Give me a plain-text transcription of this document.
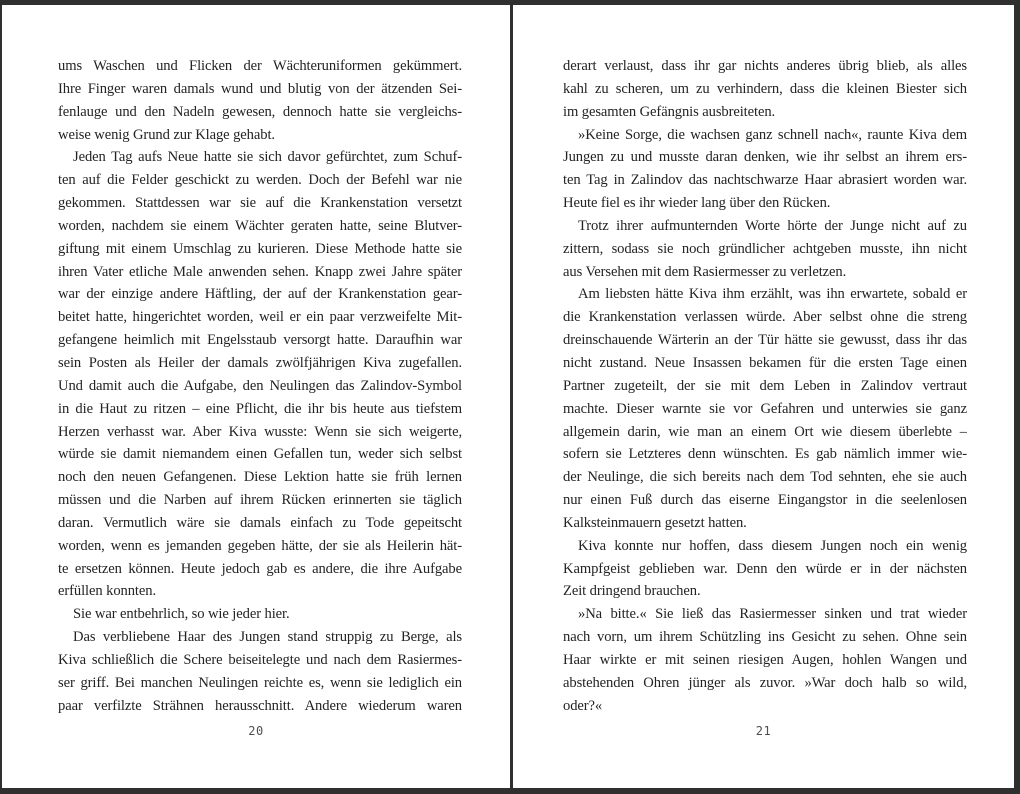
ums Waschen und Flicken der Wächteruniformen gekümmert.
Ihre Finger waren damals wund und blutig von der ätzenden Sei-
fenlauge und den Nadeln gewesen, dennoch hatte sie vergleichs-
weise wenig Grund zur Klage gehabt.
Jeden Tag aufs Neue hatte sie sich davor gefürchtet, zum Schuf-
ten auf die Felder geschickt zu werden. Doch der Befehl war nie
gekommen. Stattdessen war sie auf die Krankenstation versetzt
worden, nachdem sie einem Wächter geraten hatte, seine Blutver-
giftung mit einem Umschlag zu kurieren. Diese Methode hatte sie
ihren Vater etliche Male anwenden sehen. Knapp zwei Jahre später
war der einzige andere Häftling, der auf der Krankenstation gear-
beitet hatte, hingerichtet worden, weil er ein paar verzweifelte Mit-
gefangene heimlich mit Engelsstaub versorgt hatte. Daraufhin war
sein Posten als Heiler der damals zwölfjährigen Kiva zugefallen.
Und damit auch die Aufgabe, den Neulingen das Zalindov-Symbol
in die Haut zu ritzen – eine Pflicht, die ihr bis heute aus tiefstem
Herzen verhasst war. Aber Kiva wusste: Wenn sie sich weigerte,
würde sie damit niemandem einen Gefallen tun, weder sich selbst
noch den neuen Gefangenen. Diese Lektion hatte sie früh lernen
müssen und die Narben auf ihrem Rücken erinnerten sie täglich
daran. Vermutlich wäre sie damals einfach zu Tode gepeitscht
worden, wenn es jemanden gegeben hätte, der sie als Heilerin hät-
te ersetzen können. Heute jedoch gab es andere, die ihre Aufgabe
erfüllen konnten.
Sie war entbehrlich, so wie jeder hier.
Das verbliebene Haar des Jungen stand struppig zu Berge, als
Kiva schließlich die Schere beiseitelegte und nach dem Rasiermes-
ser griff. Bei manchen Neulingen reichte es, wenn sie lediglich ein
paar verfilzte Strähnen herausschnitt. Andere wiederum waren
20
derart verlaust, dass ihr gar nichts anderes übrig blieb, als alles
kahl zu scheren, um zu verhindern, dass die kleinen Biester sich
im gesamten Gefängnis ausbreiteten.
»Keine Sorge, die wachsen ganz schnell nach«, raunte Kiva dem
Jungen zu und musste daran denken, wie ihr selbst an ihrem ers-
ten Tag in Zalindov das nachtschwarze Haar abrasiert worden war.
Heute fiel es ihr wieder lang über den Rücken.
Trotz ihrer aufmunternden Worte hörte der Junge nicht auf zu
zittern, sodass sie noch gründlicher achtgeben musste, ihn nicht
aus Versehen mit dem Rasiermesser zu verletzen.
Am liebsten hätte Kiva ihm erzählt, was ihn erwartete, sobald er
die Krankenstation verlassen würde. Aber selbst ohne die streng
dreinschauende Wärterin an der Tür hätte sie gewusst, dass ihr das
nicht zustand. Neue Insassen bekamen für die ersten Tage einen
Partner zugeteilt, der sie mit dem Leben in Zalindov vertraut
machte. Dieser warnte sie vor Gefahren und unterwies sie ganz
allgemein darin, wie man an einem Ort wie diesem überlebte –
sofern sie Letzteres denn wünschten. Es gab nämlich immer wie-
der Neulinge, die sich bereits nach dem Tod sehnten, ehe sie auch
nur einen Fuß durch das eiserne Eingangstor in die seelenlosen
Kalksteinmauern gesetzt hatten.
Kiva konnte nur hoffen, dass diesem Jungen noch ein wenig
Kampfgeist geblieben war. Denn den würde er in der nächsten
Zeit dringend brauchen.
»Na bitte.« Sie ließ das Rasiermesser sinken und trat wieder
nach vorn, um ihrem Schützling ins Gesicht zu sehen. Ohne sein
Haar wirkte er mit seinen riesigen Augen, hohlen Wangen und
abstehenden Ohren jünger als zuvor. »War doch halb so wild,
oder?«
21
